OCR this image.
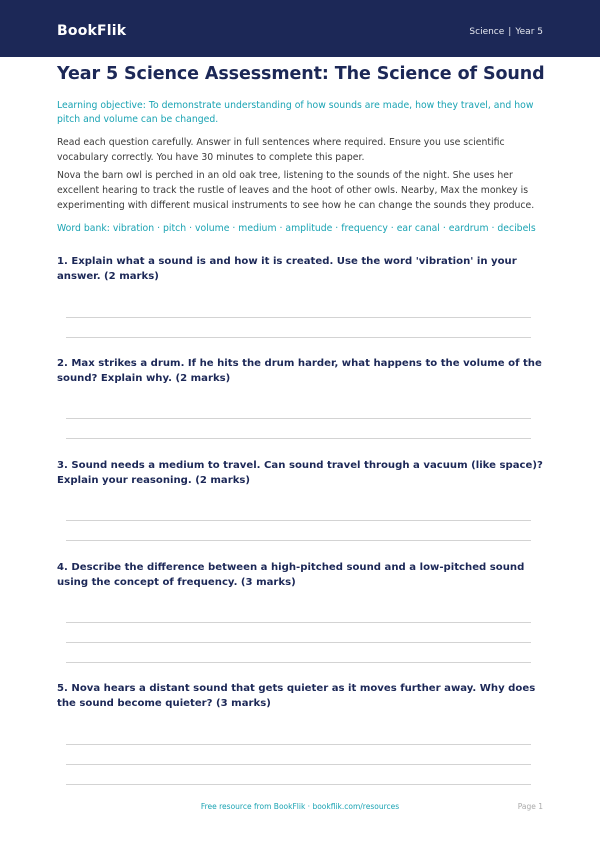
BookFlik	Science | Year 5
Year 5 Science Assessment: The Science of Sound

Learning objective: To demonstrate understanding of how sounds are made, how they travel, and how pitch and volume can be changed.

Read each question carefully. Answer in full sentences where required. Ensure you use scientific vocabulary correctly. You have 30 minutes to complete this paper.

Nova the barn owl is perched in an old oak tree, listening to the sounds of the night. She uses her excellent hearing to track the rustle of leaves and the hoot of other owls. Nearby, Max the monkey is experimenting with different musical instruments to see how he can change the sounds they produce.

Word bank: vibration · pitch · volume · medium · amplitude · frequency · ear canal · eardrum · decibels

1. Explain what a sound is and how it is created. Use the word 'vibration' in your answer. (2 marks)

2. Max strikes a drum. If he hits the drum harder, what happens to the volume of the sound? Explain why. (2 marks)

3. Sound needs a medium to travel. Can sound travel through a vacuum (like space)? Explain your reasoning. (2 marks)

4. Describe the difference between a high-pitched sound and a low-pitched sound using the concept of frequency. (3 marks)

5. Nova hears a distant sound that gets quieter as it moves further away. Why does the sound become quieter? (3 marks)

Free resource from BookFlik · bookflik.com/resources	Page 1
